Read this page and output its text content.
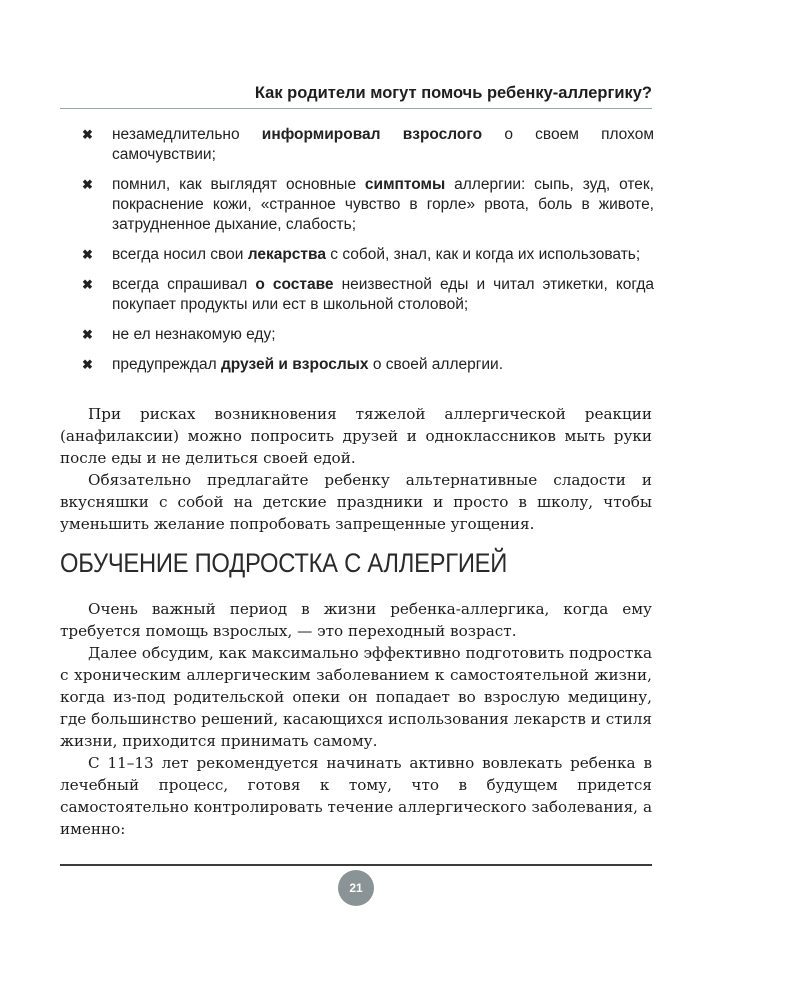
Как родители могут помочь ребенку-аллергику?
✖ незамедлительно информировал взрослого о своем плохом самочувствии;
✖ помнил, как выглядят основные симптомы аллергии: сыпь, зуд, отек, покраснение кожи, «странное чувство в горле» рвота, боль в животе, затрудненное дыхание, слабость;
✖ всегда носил свои лекарства с собой, знал, как и когда их использовать;
✖ всегда спрашивал о составе неизвестной еды и читал этикетки, когда покупает продукты или ест в школьной столовой;
✖ не ел незнакомую еду;
✖ предупреждал друзей и взрослых о своей аллергии.

При рисках возникновения тяжелой аллергической реакции (анафилаксии) можно попросить друзей и одноклассников мыть руки после еды и не делиться своей едой.

Обязательно предлагайте ребенку альтернативные сладости и вкусняшки с собой на детские праздники и просто в школу, чтобы уменьшить желание попробовать запрещенные угощения.

ОБУЧЕНИЕ ПОДРОСТКА С АЛЛЕРГИЕЙ

Очень важный период в жизни ребенка-аллергика, когда ему требуется помощь взрослых, — это переходный возраст.

Далее обсудим, как максимально эффективно подготовить подростка с хроническим аллергическим заболеванием к самостоятельной жизни, когда из-под родительской опеки он попадает во взрослую медицину, где большинство решений, касающихся использования лекарств и стиля жизни, приходится принимать самому.

С 11–13 лет рекомендуется начинать активно вовлекать ребенка в лечебный процесс, готовя к тому, что в будущем придется самостоятельно контролировать течение аллергического заболевания, а именно:

21
